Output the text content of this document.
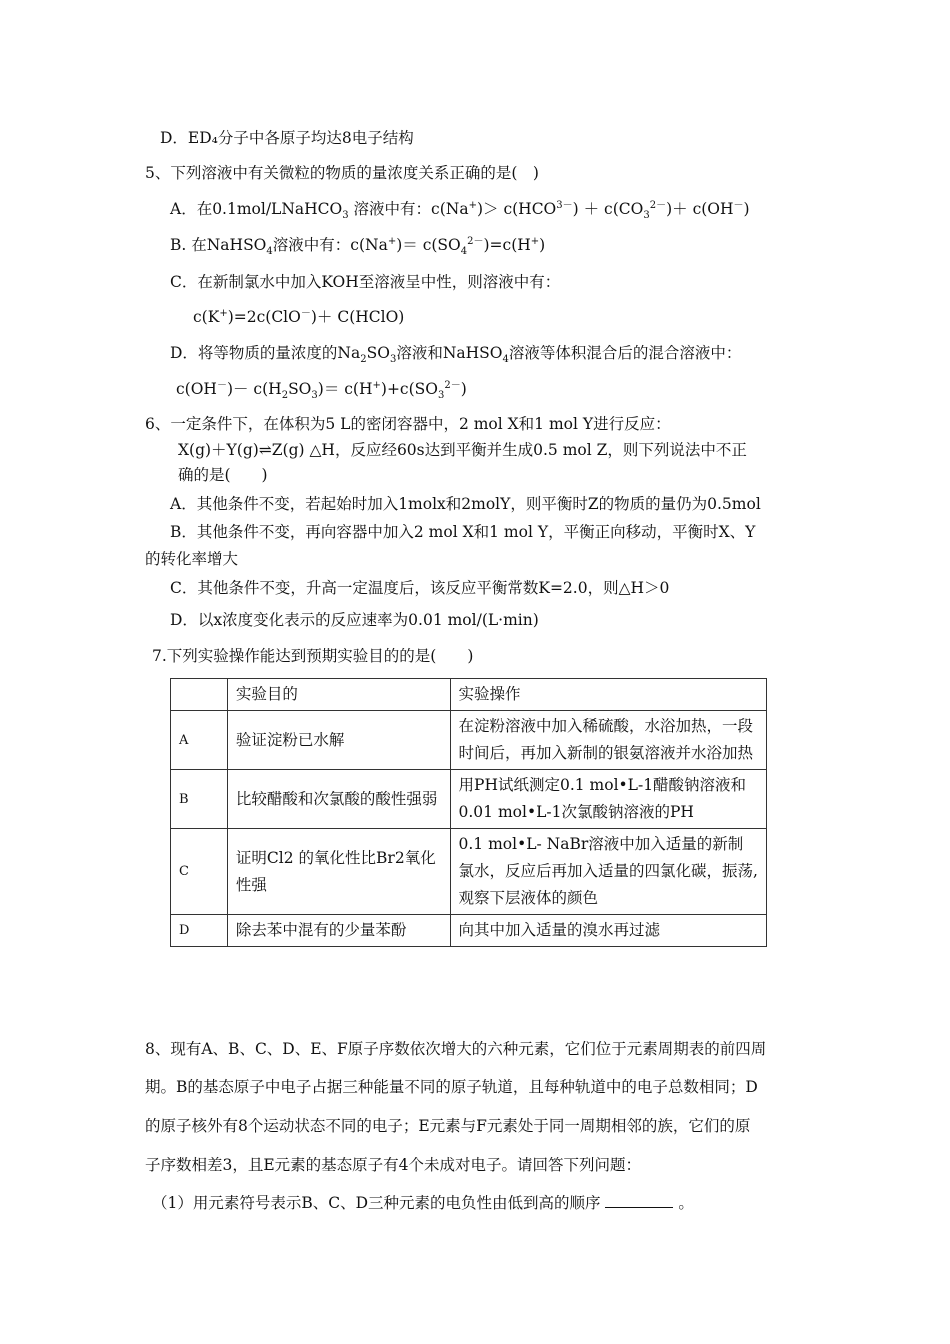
D．ED₄分子中各原子均达8电子结构
5、下列溶液中有关微粒的物质的量浓度关系正确的是(　)
A．在0.1mol/LNaHCO$_3$ 溶液中有：$c(Na^+)> c(HCO^{3-}) + c(CO_3^{2-})+ c(OH^-)$
B. 在NaHSO$_4$溶液中有：$c(Na^+)= c(SO_4^{2-})=c(H^+)$
C．在新制氯水中加入KOH至溶液呈中性，则溶液中有：
c(K+)=2c(ClO－)＋ C(HClO)
D．将等物质的量浓度的$Na_2SO_3$溶液和NaHSO$_4$溶液等体积混合后的混合溶液中：
$c(OH^-)- c(H_2SO_3)= c(H^+)+c(SO_3^{2-})$
6、一定条件下，在体积为5 L的密闭容器中，2 mol X和1 mol Y进行反应：
X(g)＋Y(g)⇌Z(g) △H，反应经60s达到平衡并生成0.5 mol Z，则下列说法中不正
确的是(　　)
A．其他条件不变，若起始时加入1molx和2molY，则平衡时Z的物质的量仍为0.5mol
B．其他条件不变，再向容器中加入2 mol X和1 mol Y，平衡正向移动，平衡时X、Y
的转化率增大
C．其他条件不变，升高一定温度后，该反应平衡常数K=2.0，则△H＞0
D．以x浓度变化表示的反应速率为0.01 mol/(L·min)
7.下列实验操作能达到预期实验目的的是(　　)
	实验目的	实验操作
A	验证淀粉已水解	在淀粉溶液中加入稀硫酸，水浴加热，一段时间后，再加入新制的银氨溶液并水浴加热
B	比较醋酸和次氯酸的酸性强弱	用PH试纸测定0.1 mol•L-1醋酸钠溶液和0.01 mol•L-1次氯酸钠溶液的PH
C	证明Cl2 的氧化性比Br2氧化性强	0.1 mol•L- NaBr溶液中加入适量的新制氯水，反应后再加入适量的四氯化碳，振荡,观察下层液体的颜色
D	除去苯中混有的少量苯酚	向其中加入适量的溴水再过滤
8、现有A、B、C、D、E、F原子序数依次增大的六种元素，它们位于元素周期表的前四周
期。B的基态原子中电子占据三种能量不同的原子轨道，且每种轨道中的电子总数相同；D
的原子核外有8个运动状态不同的电子；E元素与F元素处于同一周期相邻的族，它们的原
子序数相差3，且E元素的基态原子有4个未成对电子。请回答下列问题：
（1）用元素符号表示B、C、D三种元素的电负性由低到高的顺序	。
